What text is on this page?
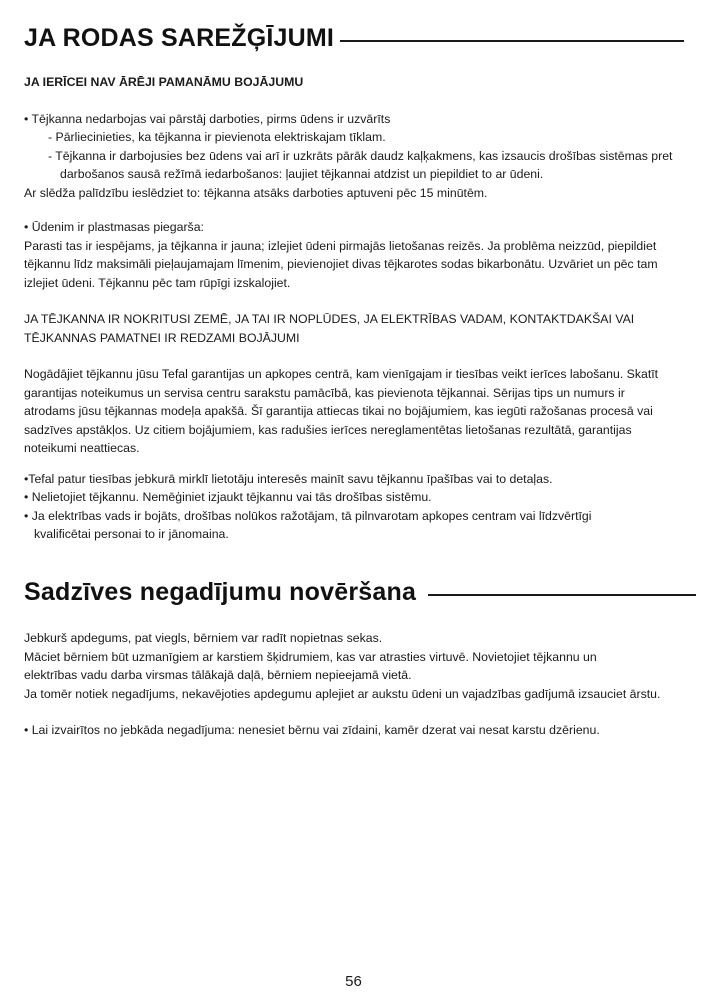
JA RODAS SAREŽĢĪJUMI
JA IERĪCEI NAV ĀRĒJI PAMANĀMU BOJĀJUMU
• Tējkanna nedarbojas vai pārstāj darboties, pirms ūdens ir uzvārīts
- Pārliecinieties, ka tējkanna ir pievienota elektriskajam tīklam.
- Tējkanna ir darbojusies bez ūdens vai arī ir uzkrāts pārāk daudz kaļķakmens, kas izsaucis drošības sistēmas pret
darbošanos sausā režīmā iedarbošanos: ļaujiet tējkannai atdzist un piepildiet to ar ūdeni.
Ar slēdža palīdzību ieslēdziet to: tējkanna atsāks darboties aptuveni pēc 15 minūtēm.
• Ūdenim ir plastmasas piegarša:
Parasti tas ir iespējams, ja tējkanna ir jauna; izlejiet ūdeni pirmajās lietošanas reizēs. Ja problēma neizzūd, piepildiet
tējkannu līdz maksimāli pieļaujamajam līmenim, pievienojiet divas tējkarotes sodas bikarbonātu. Uzvāriet un pēc tam
izlejiet ūdeni. Tējkannu pēc tam rūpīgi izskalojiet.
JA TĒJKANNA IR NOKRITUSI ZEMĒ, JA TAI IR NOPLŪDES, JA ELEKTRĪBAS VADAM, KONTAKTDAKŠAI VAI
TĒJKANNAS PAMATNEI IR REDZAMI BOJĀJUMI
Nogādājiet tējkannu jūsu Tefal garantijas un apkopes centrā, kam vienīgajam ir tiesības veikt ierīces labošanu. Skatīt
garantijas noteikumus un servisa centru sarakstu pamācībā, kas pievienota tējkannai. Sērijas tips un numurs ir
atrodams jūsu tējkannas modeļa apakšā. Šī garantija attiecas tikai no bojājumiem, kas iegūti ražošanas procesā vai
sadzīves apstākļos. Uz citiem bojājumiem, kas radušies ierīces nereglamentētas lietošanas rezultātā, garantijas
noteikumi neattiecas.
•Tefal patur tiesības jebkurā mirklī lietotāju interesēs mainīt savu tējkannu īpašības vai to detaļas.
• Nelietojiet tējkannu. Nemēģiniet izjaukt tējkannu vai tās drošības sistēmu.
• Ja elektrības vads ir bojāts, drošības nolūkos ražotājam, tā pilnvarotam apkopes centram vai līdzvērtīgi
kvalificētai personai to ir jānomaina.
Sadzīves negadījumu novēršana
Jebkurš apdegums, pat viegls, bērniem var radīt nopietnas sekas.
Māciet bērniem būt uzmanīgiem ar karstiem šķidrumiem, kas var atrasties virtuvē. Novietojiet tējkannu un
elektrības vadu darba virsmas tālākajā daļā, bērniem nepieejamā vietā.
Ja tomēr notiek negadījums, nekavējoties apdegumu aplejiet ar aukstu ūdeni un vajadzības gadījumā izsauciet ārstu.
• Lai izvairītos no jebkāda negadījuma: nenesiet bērnu vai zīdaini, kamēr dzerat vai nesat karstu dzērienu.
56
